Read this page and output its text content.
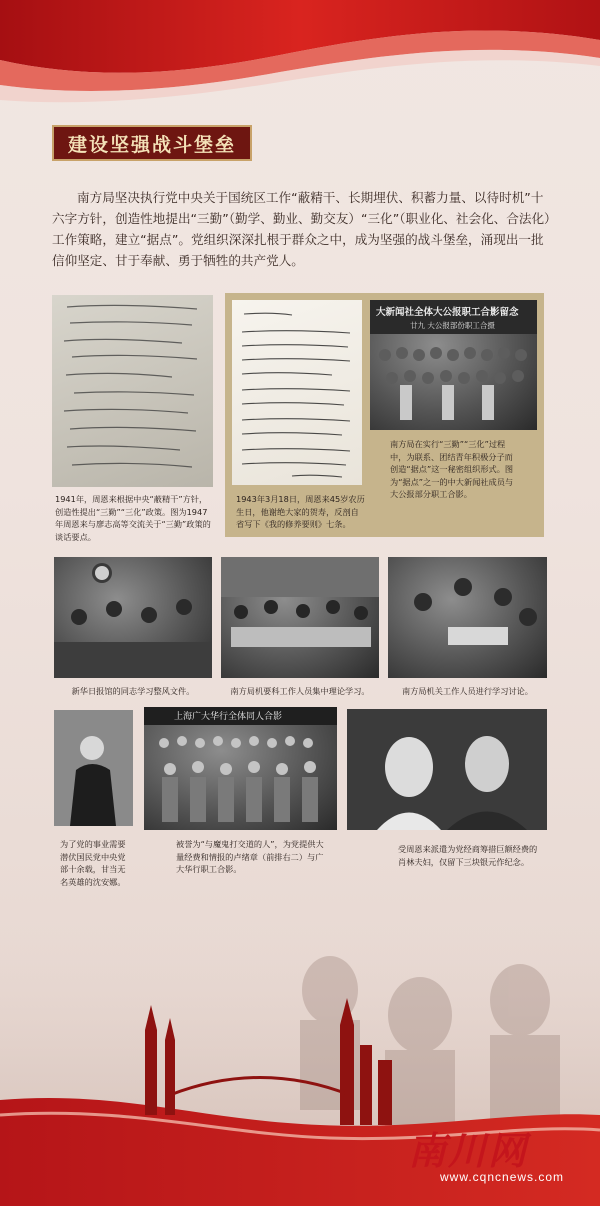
建设坚强战斗堡垒
南方局坚决执行党中央关于国统区工作“蔽精干、长期埋伏、积蓄力量、以待时机”十六字方针，创造性地提出“三勤”（勤学、勤业、勤交友）“三化”（职业化、社会化、合法化）工作策略，建立“据点”。党组织深深扎根于群众之中，成为坚强的战斗堡垒，涌现出一批信仰坚定、甘于奉献、勇于牺牲的共产党人。
1941年，周恩来根据中央“蔽精干”方针，创造性提出“三勤”“三化”政策。图为1947年周恩来与廖志高等交流关于“三勤”政策的谈话要点。
1943年3月18日，周恩来45岁农历生日，他谢绝大家的贺寿，反剖自省写下《我的修养要则》七条。
大新闻社全体大公报职工合影留念
廿九 大公报部份职工合摄
南方局在实行“三勤”“三化”过程中，为联系、团结青年积极分子而创造“据点”这一秘密组织形式。图为“据点”之一的中大新闻社成员与大公报部分职工合影。
新华日报馆的同志学习整风文件。	南方局机要科工作人员集中理论学习。	南方局机关工作人员进行学习讨论。
为了党的事业需要潜伏国民党中央党部十余载，甘当无名英雄的沈安娜。
上海广大华行全体同人合影
被誉为“与魔鬼打交道的人”，为党提供大量经费和情报的卢绪章（前排右二）与广大华行职工合影。
受周恩来派遣为党经商筹措巨额经费的肖林夫妇，仅留下三块银元作纪念。
南川网
www.cqncnews.com
